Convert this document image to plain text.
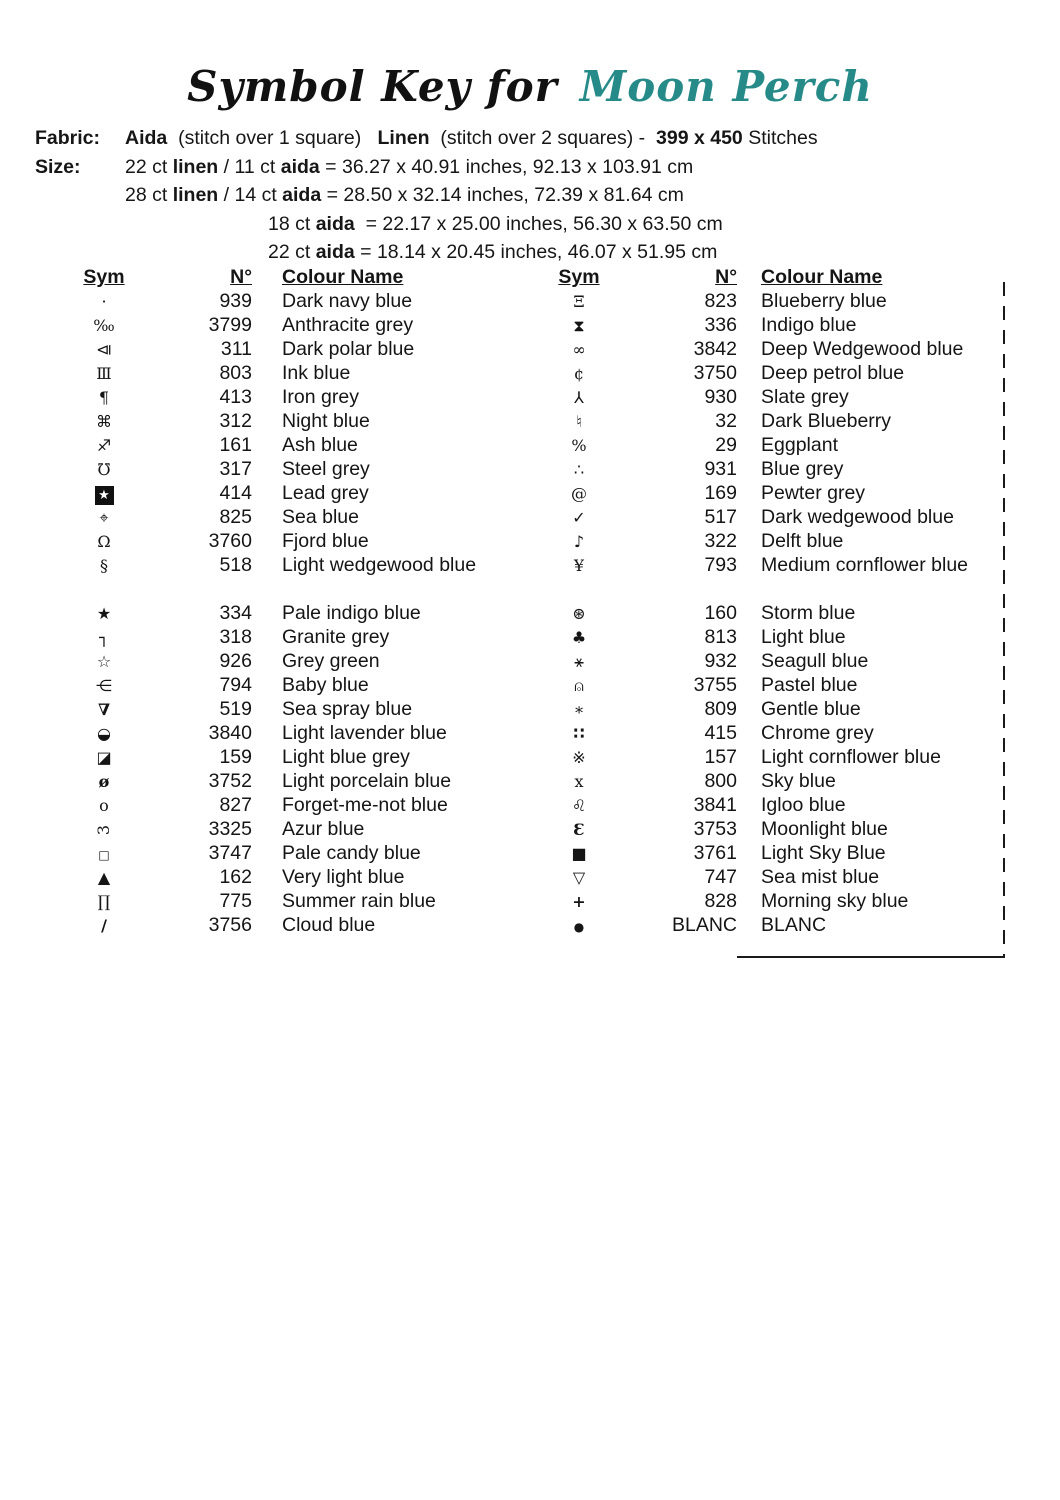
Symbol Key for Moon Perch
Fabric:	Aida  (stitch over 1 square)   Linen  (stitch over 2 squares) -  399 x 450 Stitches
Size:	22 ct linen / 11 ct aida = 36.27 x 40.91 inches, 92.13 x 103.91 cm
28 ct linen / 14 ct aida = 28.50 x 32.14 inches, 72.39 x 81.64 cm
18 ct aida  = 22.17 x 25.00 inches, 56.30 x 63.50 cm
22 ct aida = 18.14 x 20.45 inches, 46.07 x 51.95 cm
Sym	N°	Colour Name
·	939	Dark navy blue
‰	3799	Anthracite grey
⧏	311	Dark polar blue
Ⅲ	803	Ink blue
¶	413	Iron grey
⌘	312	Night blue
♐	161	Ash blue
℧	317	Steel grey
★	414	Lead grey
⌖	825	Sea blue
Ω	3760	Fjord blue
§	518	Light wedgewood blue
★	334	Pale indigo blue
┐	318	Granite grey
☆	926	Grey green
⋲	794	Baby blue
∇	519	Sea spray blue
◒	3840	Light lavender blue
◪	159	Light blue grey
ø	3752	Light porcelain blue
o	827	Forget-me-not blue
3	3325	Azur blue
□	3747	Pale candy blue
▲	162	Very light blue
∏	775	Summer rain blue
/	3756	Cloud blue
Sym	N°	Colour Name
Ξ	823	Blueberry blue
⧗	336	Indigo blue
∞	3842	Deep Wedgewood blue
¢	3750	Deep petrol blue
⅄	930	Slate grey
♮	32	Dark Blueberry
%	29	Eggplant
∴	931	Blue grey
@	169	Pewter grey
✓	517	Dark wedgewood blue
♪	322	Delft blue
¥	793	Medium cornflower blue
⊛	160	Storm blue
♣	813	Light blue
⚹	932	Seagull blue
⍝	3755	Pastel blue
∗	809	Gentle blue
∷	415	Chrome grey
※	157	Light cornflower blue
x	800	Sky blue
♌	3841	Igloo blue
Ɛ	3753	Moonlight blue
■	3761	Light Sky Blue
▽	747	Sea mist blue
+	828	Morning sky blue
●	BLANC	BLANC
